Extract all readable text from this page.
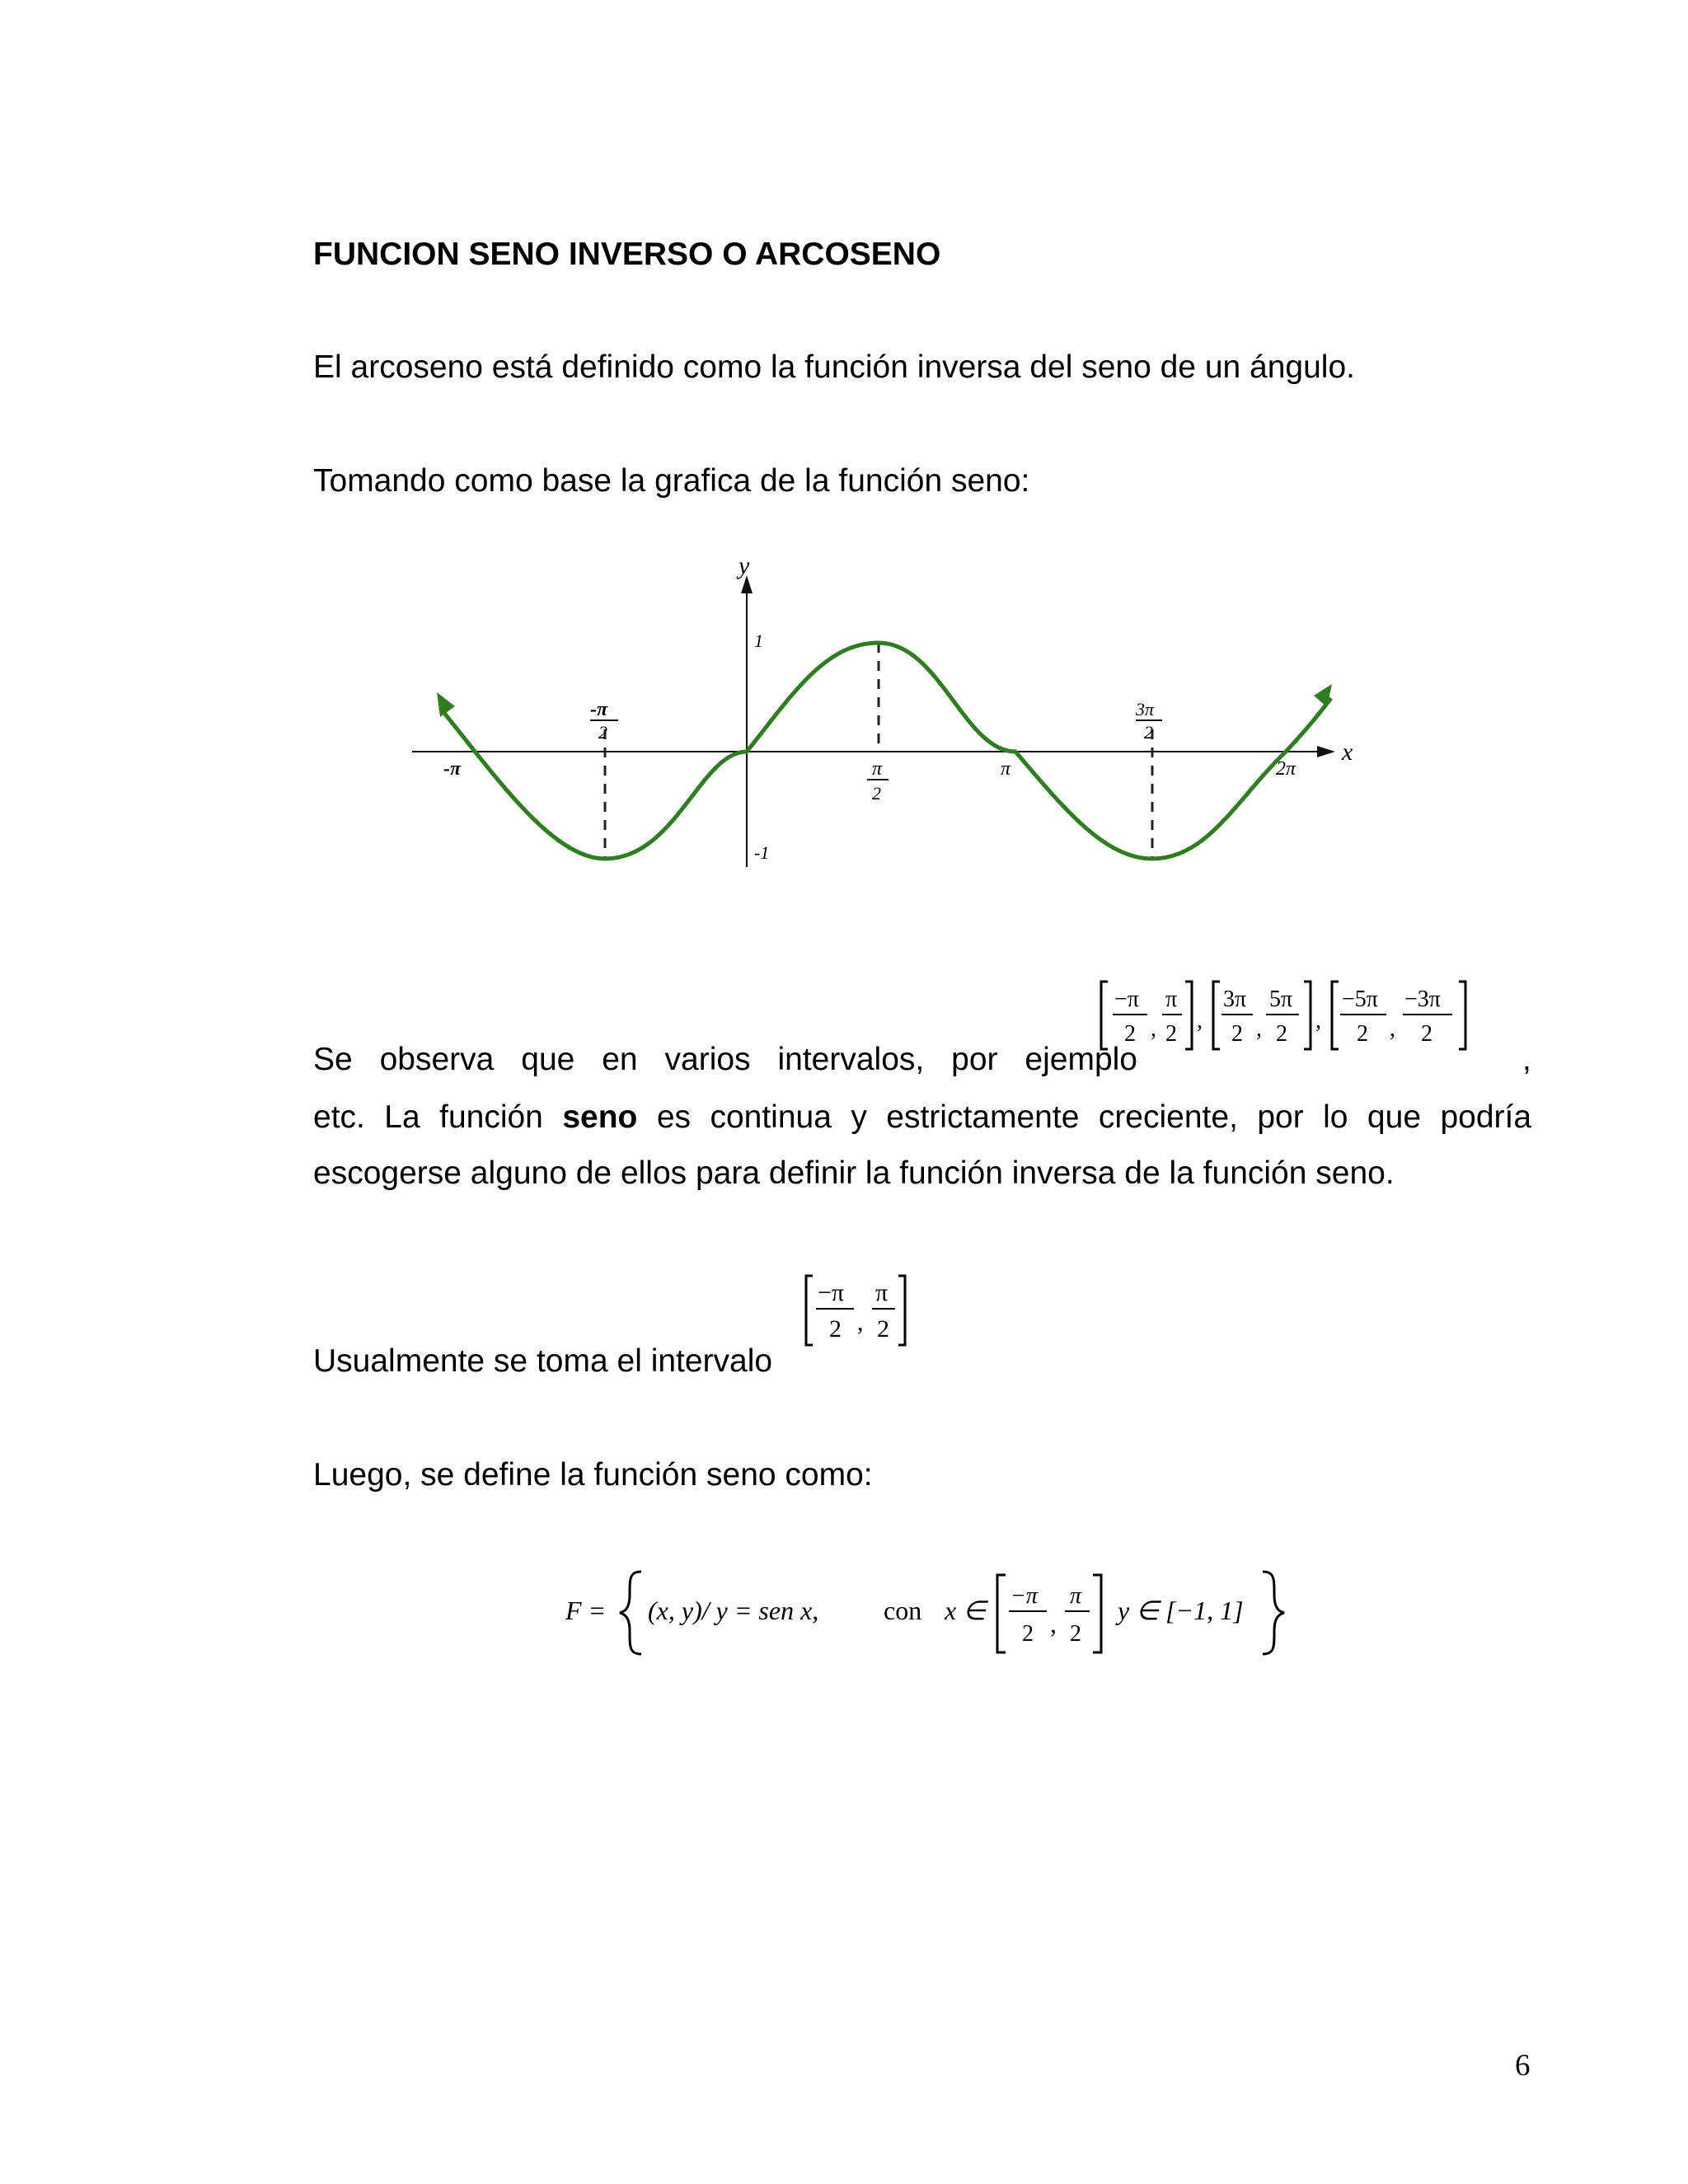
FUNCION SENO INVERSO O ARCOSENO

El arcoseno está definido como la función inversa del seno de un ángulo.

Tomando como base la grafica de la función seno:

x
y
1
-1
-π
-π
2
π
2
π
3π
2
2π
Se observa que en varios intervalos, por ejemplo
−π
2 ,
π
2
,
3π
2 ,
5π
2
,
−5π
2 ,
−3π
2
,
etc. La función seno es continua y estrictamente creciente, por lo que podría

escogerse alguno de ellos para definir la función inversa de la función seno.

Usualmente se toma el intervalo

−π
2 ,
π
2

Luego, se define la función seno como:

F = (x, y)/ y = sen x, con x ∈ −π
2 ,
π
2
y ∈ [−1, 1]
6
